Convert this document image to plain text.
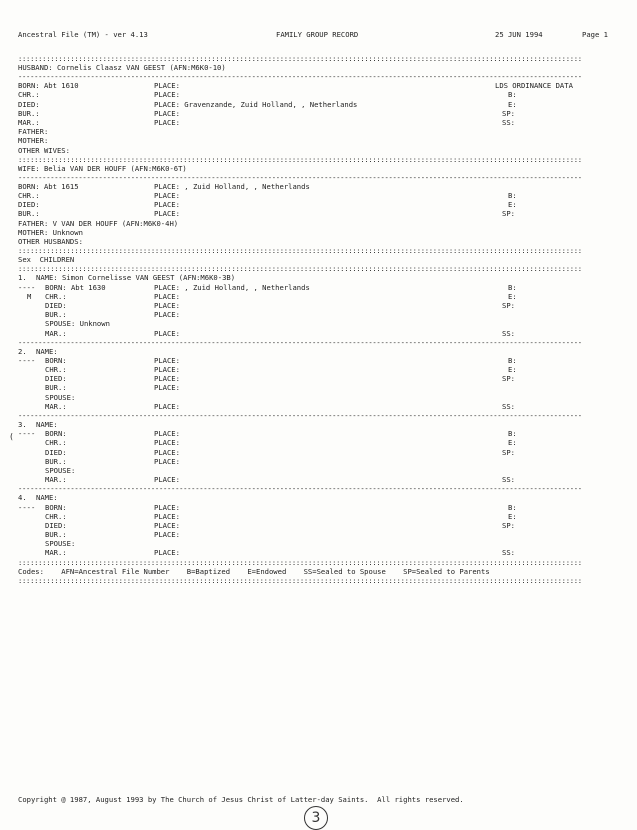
Ancestral File (TM) - ver 4.13

	FAMILY GROUP RECORD

	25 JUN 1994

	Page 1

::::::::::::::::::::::::::::::::::::::::::::::::::::::::::::::::::::::::::::::::::::::::::::::::::::::::::::::::::::::::::::::::::::::::::::
HUSBAND: Cornelis Claasz VAN GEEST (AFN:M6K0-10)
--------------------------------------------------------------------------------------------------------------------------------------------
BORN: Abt 1610	PLACE:	LDS ORDINANCE DATA
CHR.:	PLACE:	B:
DIED:	PLACE: Gravenzande, Zuid Holland, , Netherlands	E:
BUR.:	PLACE:	SP:
MAR.:	PLACE:	SS:
FATHER:
MOTHER:
OTHER WIVES:
::::::::::::::::::::::::::::::::::::::::::::::::::::::::::::::::::::::::::::::::::::::::::::::::::::::::::::::::::::::::::::::::::::::::::::
WIFE: Belia VAN DER HOUFF (AFN:M6K0-6T)
--------------------------------------------------------------------------------------------------------------------------------------------
BORN: Abt 1615	PLACE: , Zuid Holland, , Netherlands
CHR.:	PLACE:	B:
DIED:	PLACE:	E:
BUR.:	PLACE:	SP:
FATHER: V VAN DER HOUFF (AFN:M6K0-4H)
MOTHER: Unknown
OTHER HUSBANDS:
::::::::::::::::::::::::::::::::::::::::::::::::::::::::::::::::::::::::::::::::::::::::::::::::::::::::::::::::::::::::::::::::::::::::::::
Sex  CHILDREN
::::::::::::::::::::::::::::::::::::::::::::::::::::::::::::::::::::::::::::::::::::::::::::::::::::::::::::::::::::::::::::::::::::::::::::
1. NAME: Simon Cornelisse VAN GEEST (AFN:M6K0-3B)
---- BORN: Abt 1630	PLACE: , Zuid Holland, , Netherlands	B:
M CHR.:	PLACE:	E:
DIED:	PLACE:	SP:
BUR.:	PLACE:
SPOUSE: Unknown
MAR.:	PLACE:	SS:
--------------------------------------------------------------------------------------------------------------------------------------------
2. NAME:
---- BORN:	PLACE:	B:
CHR.:	PLACE:	E:
DIED:	PLACE:	SP:
BUR.:	PLACE:
SPOUSE:
MAR.:	PLACE:	SS:
--------------------------------------------------------------------------------------------------------------------------------------------
3. NAME:
---- BORN:	PLACE:	B:
CHR.:	PLACE:	E:
DIED:	PLACE:	SP:
BUR.:	PLACE:
SPOUSE:
MAR.:	PLACE:	SS:
--------------------------------------------------------------------------------------------------------------------------------------------
4. NAME:
---- BORN:	PLACE:	B:
CHR.:	PLACE:	E:
DIED:	PLACE:	SP:
BUR.:	PLACE:
SPOUSE:
MAR.:	PLACE:	SS:
::::::::::::::::::::::::::::::::::::::::::::::::::::::::::::::::::::::::::::::::::::::::::::::::::::::::::::::::::::::::::::::::::::::::::::
Codes:    AFN=Ancestral File Number    B=Baptized    E=Endowed    SS=Sealed to Spouse    SP=Sealed to Parents
::::::::::::::::::::::::::::::::::::::::::::::::::::::::::::::::::::::::::::::::::::::::::::::::::::::::::::::::::::::::::::::::::::::::::::
Copyright @ 1987, August 1993 by The Church of Jesus Christ of Latter-day Saints.  All rights reserved.
3
(
